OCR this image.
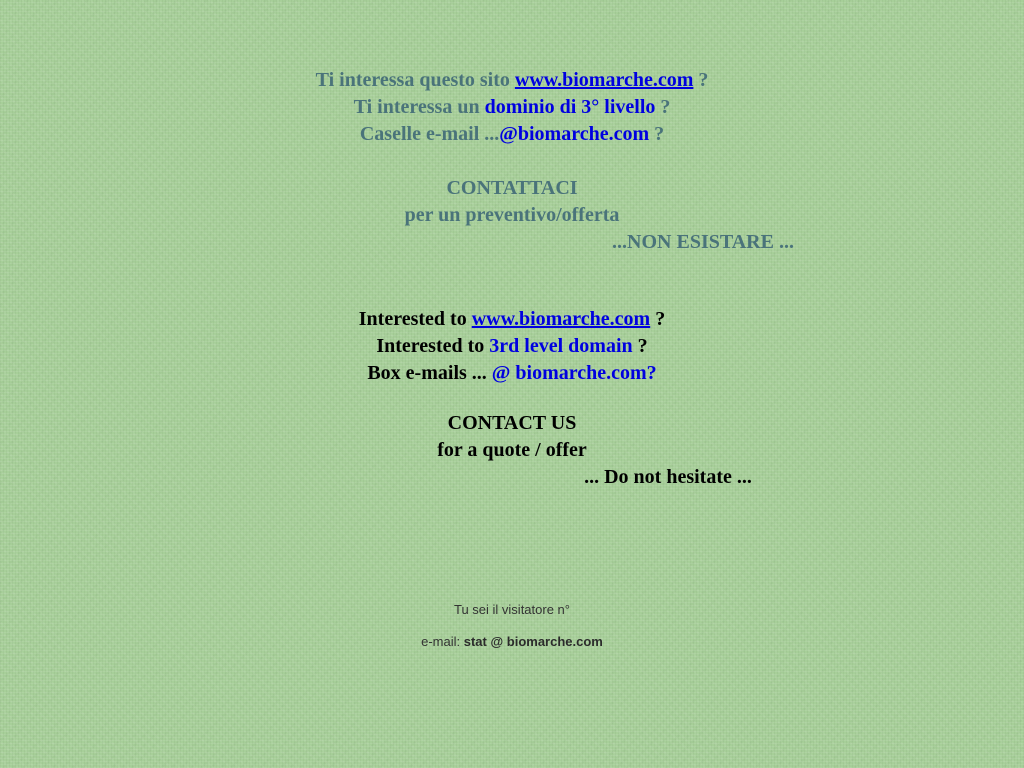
Ti interessa questo sito www.biomarche.com ?
Ti interessa un dominio di 3° livello ?
Caselle e-mail ...@biomarche.com ?
CONTATTACI
per un preventivo/offerta
...NON ESISTARE ...
Interested to www.biomarche.com ?
Interested to 3rd level domain ?
Box e-mails ... @ biomarche.com?
CONTACT US
for a quote / offer
... Do not hesitate ...
Tu sei il visitatore n°
e-mail: stat @ biomarche.com
